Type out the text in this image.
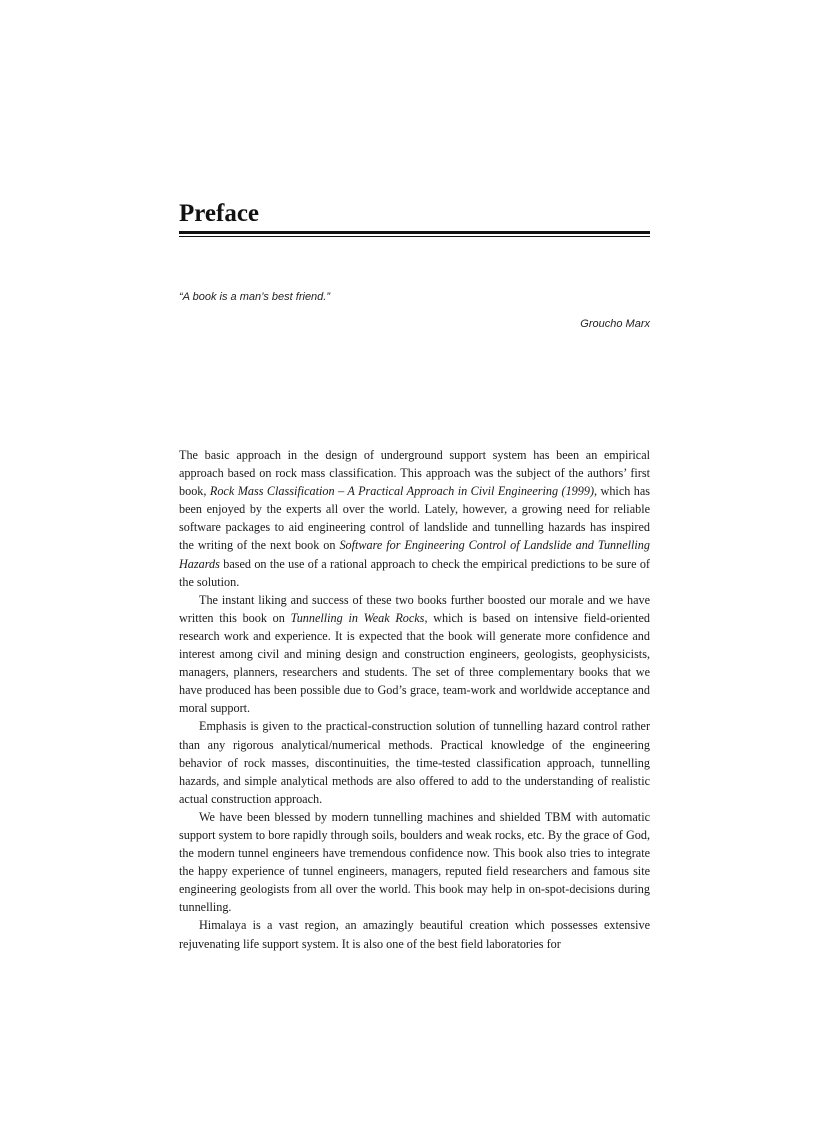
Preface

“A book is a man’s best friend.”

Groucho Marx

The basic approach in the design of underground support system has been an empirical approach based on rock mass classification. This approach was the subject of the authors’ first book, Rock Mass Classification – A Practical Approach in Civil Engineering (1999), which has been enjoyed by the experts all over the world. Lately, however, a growing need for reliable software packages to aid engineering control of landslide and tunnelling hazards has inspired the writing of the next book on Software for Engineering Control of Landslide and Tunnelling Hazards based on the use of a rational approach to check the empirical predictions to be sure of the solution.

The instant liking and success of these two books further boosted our morale and we have written this book on Tunnelling in Weak Rocks, which is based on intensive field-oriented research work and experience. It is expected that the book will generate more confidence and interest among civil and mining design and construction engineers, geologists, geophysicists, managers, planners, researchers and students. The set of three complementary books that we have produced has been possible due to God’s grace, team-work and worldwide acceptance and moral support.

Emphasis is given to the practical-construction solution of tunnelling hazard control rather than any rigorous analytical/numerical methods. Practical knowledge of the engineering behavior of rock masses, discontinuities, the time-tested classification approach, tunnelling hazards, and simple analytical methods are also offered to add to the understanding of realistic actual construction approach.

We have been blessed by modern tunnelling machines and shielded TBM with automatic support system to bore rapidly through soils, boulders and weak rocks, etc. By the grace of God, the modern tunnel engineers have tremendous confidence now. This book also tries to integrate the happy experience of tunnel engineers, managers, reputed field researchers and famous site engineering geologists from all over the world. This book may help in on-spot-decisions during tunnelling.

Himalaya is a vast region, an amazingly beautiful creation which possesses extensive rejuvenating life support system. It is also one of the best field laboratories for
